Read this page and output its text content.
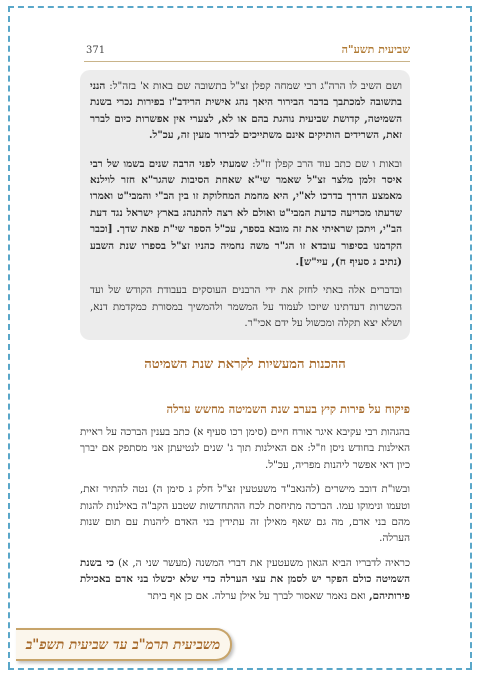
371	שביעית תשע"ה

ושם השיב לו הרה"ג רבי שמחה קפלן זצ"ל בתשובה שם באות א' בזה"ל: הנני בתשובה למכתבך בדבר הבירור היאך נהג אישית הרידב"ז בפירות נכרי בשנת השמיטה, קדושת שביעית נוהגת בהם או לא, לצערי אין אפשרות כיום לברר זאת, השרידים הותיקים אינם משתייכים לבירור מעין זה, עכ"ל.

ובאות ו שם כתב עוד הרב קפלן זז"ל: שמעתי לפני הרבה שנים בשמו של רבי איסר זלמן מלצר זצ"ל שאמר שי"א שאחת הסיבות שהגר"א חזר לוילנא מאמצע הדרך בדרכו לא"י, היא מחמת המחלוקת זו בין הב"י והמבי"ט ואמרו שדעתו מכריעה כדעת המבי"ט ואולם לא רצה להתנהג בארץ ישראל נגד דעת הב"י, ויתכן שראיתי את זה מובא בספר, עכ"ל הספר שי"ת פאת שדך. [וכבר הקדמנו בסיפור עובדא זו הג"ר משה נחמיה כהניו זצ"ל בספרו שנת השבע (נתיב ג סעיף ח), עיי"ש].

ובדברים אלה באתי לחזק את ידי הרבנים העוסקים בעבודת הקודש של ועד הכשרות דעדתינו שיזכו לעמוד על המשמר ולהמשיך במסורת כמקדמת דנא, ושלא יצא תקלה ומכשול על ידם אכי"ר.

ההכנות המעשיות לקראת שנת השמיטה
פיקוח על פירות קיץ בערב שנת השמיטה מחשש ערלה

בהגהות רבי עקיבא איגר אורח חיים (סימן רכו סעיף א) כתב בענין הברכה על ראיית האילנות בחודש ניסן וז"ל: אם האילנות תוך ג' שנים לנטיעתן אני מסתפק אם יברך כיון דאי אפשר ליהנות מפריה, עכ"ל.

ובשו"ת דובב מישרים (להגאב"ד משעטעין זצ"ל חלק ג סימן ה) נטה להתיר זאת, וטעמו ונימוקו עמו. הברכה מתיחסת לכח ההתחדשות שטבע הקב"ה באילנות להגות מהם בני אדם, מה גם שאף מאילן זה עתידין בני האדם ליהנות עם תום שנות הערלה.

כראיה לדבריו הביא הגאון משעטעין את דברי המשנה (מעשר שני ה, א) כי בשנת השמיטה כולם הפקר יש לסמן את עצי הערלה כדי שלא יכשלו בני אדם באכילת פירותיהם, ואם נאמר שאסור לברך על אילן ערלה. אם כן אף ביתר

משביעית תרמ"ב עד שביעית תשפ"ב
